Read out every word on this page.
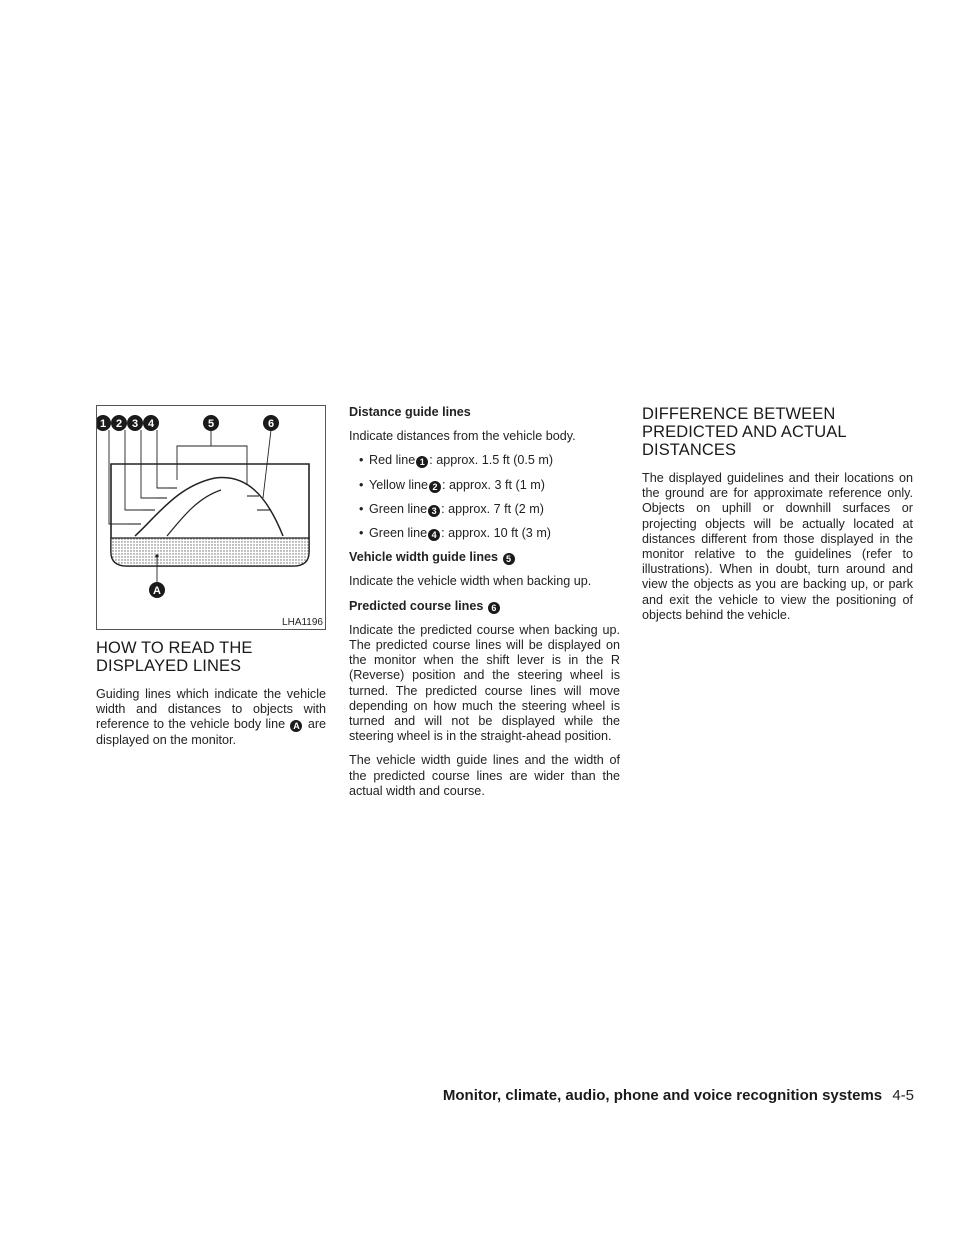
1 2 3 4	5	6
A
LHA1196
HOW TO READ THE DISPLAYED LINES

Guiding lines which indicate the vehicle width and distances to objects with reference to the vehicle body line A are displayed on the monitor.

Distance guide lines

Indicate distances from the vehicle body.

• Red line 1 : approx. 1.5 ft (0.5 m)
• Yellow line 2 : approx. 3 ft (1 m)
• Green line 3 : approx. 7 ft (2 m)
• Green line 4 : approx. 10 ft (3 m)

Vehicle width guide lines 5

Indicate the vehicle width when backing up.

Predicted course lines 6

Indicate the predicted course when backing up. The predicted course lines will be displayed on the monitor when the shift lever is in the R (Reverse) position and the steering wheel is turned. The predicted course lines will move depending on how much the steering wheel is turned and will not be displayed while the steering wheel is in the straight-ahead position.

The vehicle width guide lines and the width of the predicted course lines are wider than the actual width and course.

DIFFERENCE BETWEEN PREDICTED AND ACTUAL DISTANCES

The displayed guidelines and their locations on the ground are for approximate reference only. Objects on uphill or downhill surfaces or projecting objects will be actually located at distances different from those displayed in the monitor relative to the guidelines (refer to illustrations). When in doubt, turn around and view the objects as you are backing up, or park and exit the vehicle to view the positioning of objects behind the vehicle.

Monitor, climate, audio, phone and voice recognition systems 4-5
